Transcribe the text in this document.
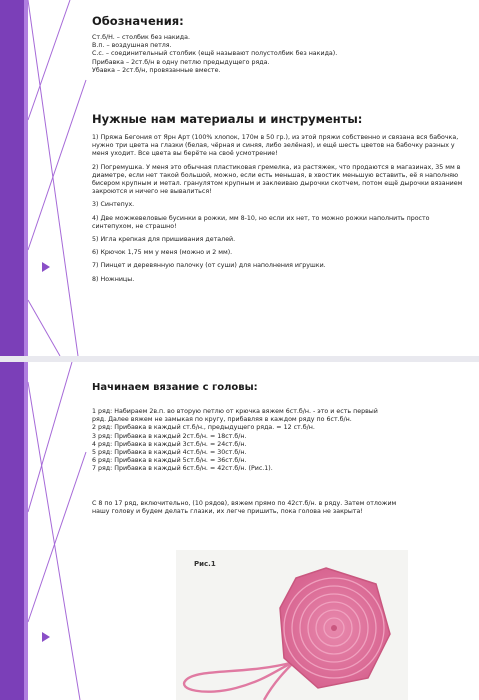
Обозначения:

Ст.б/Н. – столбик без накида.

В.п. – воздушная петля.

С.с. – соединительный столбик (ещё называют полустолбик без накида).

Прибавка – 2ст.б/н в одну петлю предыдущего ряда.

Убавка – 2ст.б/н, провязанные вместе.

Нужные нам материалы и инструменты:

1) Пряжа Бегония от Ярн Арт (100% хлопок, 170м в 50 гр.), из этой пряжи собственно и связана вся бабочка, нужно три цвета на глазки (белая, чёрная и синяя, либо зелёная), и ещё шесть цветов на бабочку разных у меня уходит. Все цвета вы берёте на своё усмотрение!

2) Погремушка. У меня это обычная пластиковая гремелка, из растяжек, что продаются в магазинах, 35 мм в диаметре, если нет такой большой, можно, если есть меньшая, в хвостик меньшую вставить, её я наполняю бисером крупным и метал. гранулятом крупным и заклеиваю дырочки скотчем, потом ещё дырочки вязанием закроются и ничего не вывалиться!

3) Синтепух.

4) Две можжевеловые бусинки в рожки, мм 8-10, но если их нет, то можно рожки наполнить просто синтепухом, не страшно!

5) Игла крепкая для пришивания деталей.

6) Крючок 1,75 мм у меня (можно и 2 мм).

7) Пинцет и деревянную палочку (от суши) для наполнения игрушки.

8) Ножницы.

Начинаем вязание с головы:

1 ряд: Набираем 2в.п. во вторую петлю от крючка вяжем 6ст.б/н. - это и есть первый ряд. Далее вяжем не замыкая по кругу, прибавляя в каждом ряду по 6ст.б/н.

2 ряд: Прибавка в каждый ст.б/н., предыдущего ряда. = 12 ст.б/н.

3 ряд: Прибавка в каждый 2ст.б/н. = 18ст.б/н.

4 ряд: Прибавка в каждый 3ст.б/н. = 24ст.б/н.

5 ряд: Прибавка в каждый 4ст.б/н. = 30ст.б/н.

6 ряд: Прибавка в каждый 5ст.б/н. = 36ст.б/н.

7 ряд: Прибавка в каждый 6ст.б/н. = 42ст.б/н. (Рис.1).

С 8 по 17 ряд, включительно, (10 рядов), вяжем прямо по 42ст.б/н. в ряду. Затем отложим нашу голову и будем делать глазки, их легче пришить, пока голова не закрыта!

Рис.1
